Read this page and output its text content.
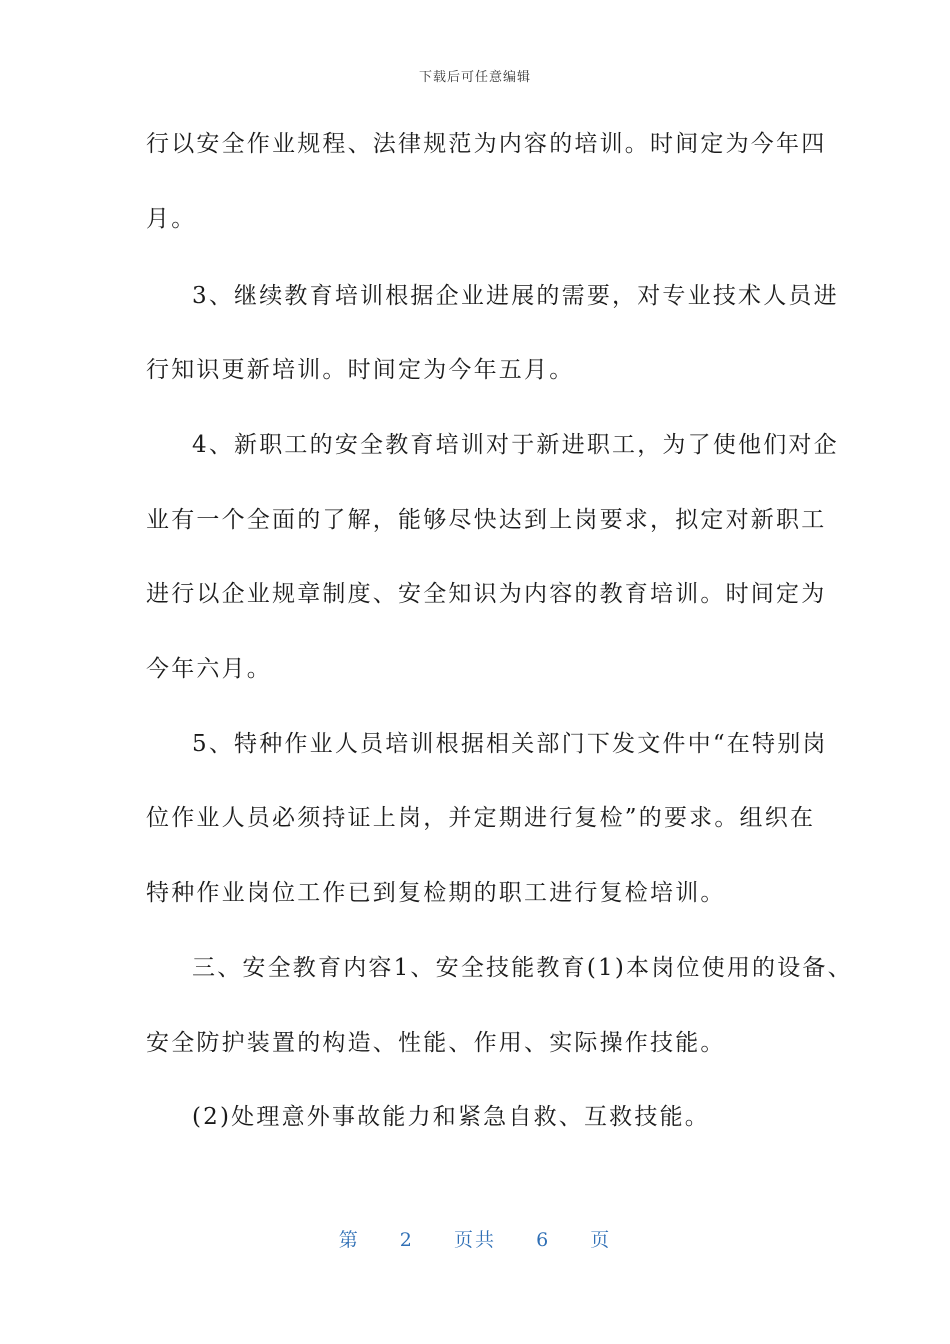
下载后可任意编辑
行以安全作业规程、法律规范为内容的培训。时间定为今年四
月。
3、继续教育培训根据企业进展的需要，对专业技术人员进
行知识更新培训。时间定为今年五月。
4、新职工的安全教育培训对于新进职工，为了使他们对企
业有一个全面的了解，能够尽快达到上岗要求，拟定对新职工
进行以企业规章制度、安全知识为内容的教育培训。时间定为
今年六月。
5、特种作业人员培训根据相关部门下发文件中“在特别岗
位作业人员必须持证上岗，并定期进行复检”的要求。组织在
特种作业岗位工作已到复检期的职工进行复检培训。
三、安全教育内容1、安全技能教育(1)本岗位使用的设备、
安全防护装置的构造、性能、作用、实际操作技能。
(2)处理意外事故能力和紧急自救、互救技能。
第 2 页共 6 页
